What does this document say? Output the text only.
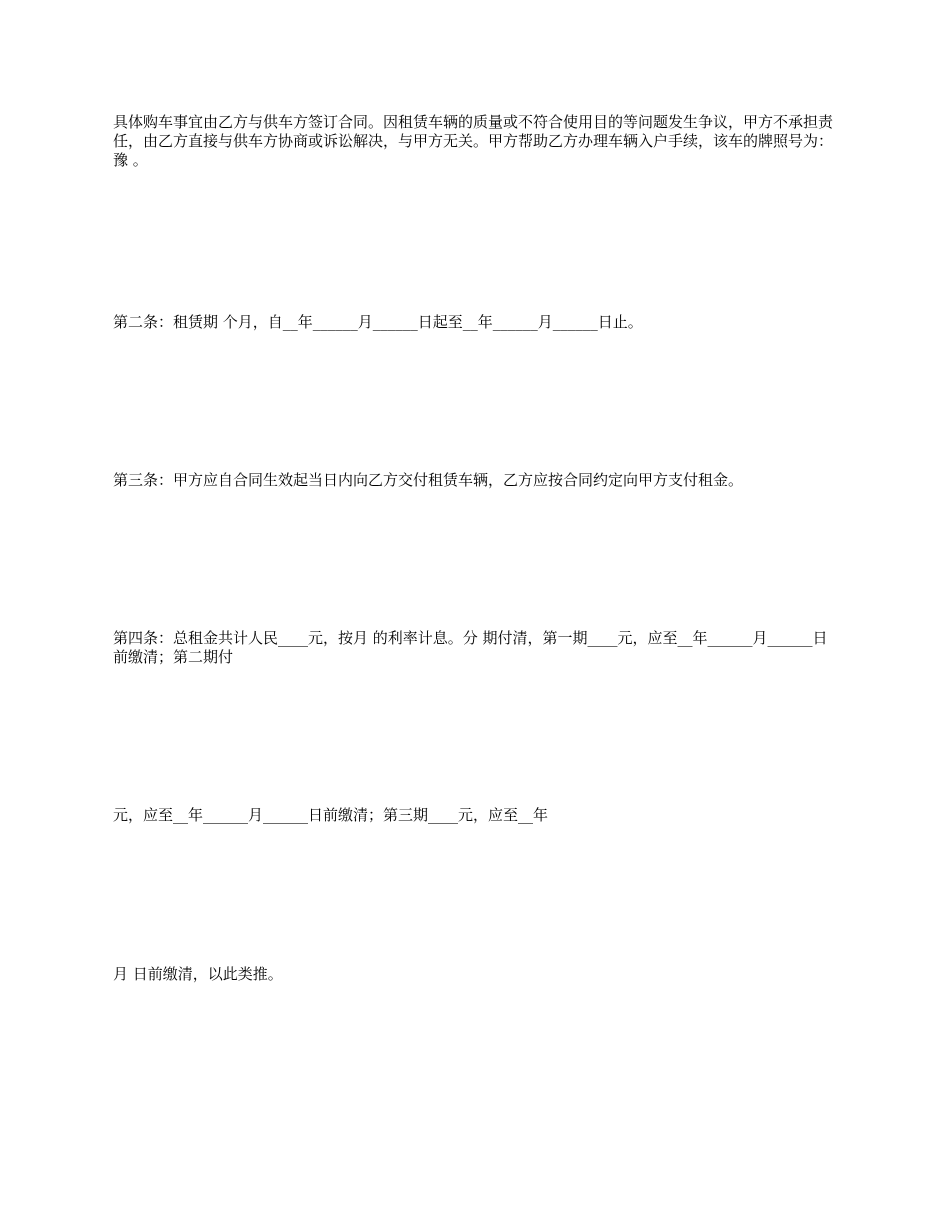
具体购车事宜由乙方与供车方签订合同。因租赁车辆的质量或不符合使用目的等问题发生争议，甲方不承担责任，由乙方直接与供车方协商或诉讼解决，与甲方无关。甲方帮助乙方办理车辆入户手续，该车的牌照号为：豫 。

第二条：租赁期 个月，自__年______月______日起至__年______月______日止。

第三条：甲方应自合同生效起当日内向乙方交付租赁车辆，乙方应按合同约定向甲方支付租金。

第四条：总租金共计人民____元，按月 的利率计息。分 期付清，第一期____元，应至__年______月______日前缴清；第二期付

元，应至__年______月______日前缴清；第三期____元，应至__年

月 日前缴清，以此类推。
